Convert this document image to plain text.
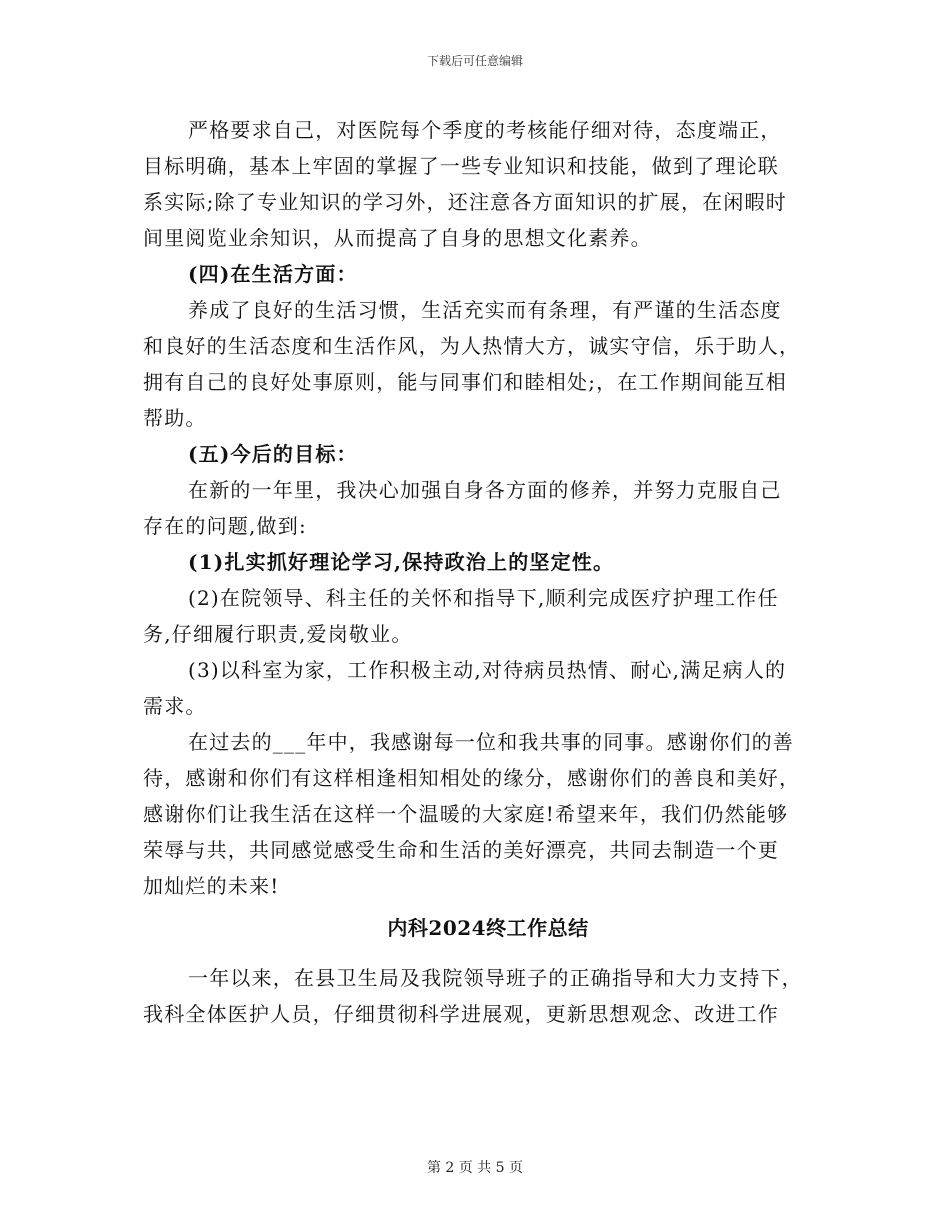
下载后可任意编辑
严格要求自己，对医院每个季度的考核能仔细对待，态度端正，
目标明确，基本上牢固的掌握了一些专业知识和技能，做到了理论联
系实际;除了专业知识的学习外，还注意各方面知识的扩展，在闲暇时
间里阅览业余知识，从而提高了自身的思想文化素养。
(四)在生活方面：
养成了良好的生活习惯，生活充实而有条理，有严谨的生活态度
和良好的生活态度和生活作风，为人热情大方，诚实守信，乐于助人，
拥有自己的良好处事原则，能与同事们和睦相处;，在工作期间能互相
帮助。
(五)今后的目标：
在新的一年里，我决心加强自身各方面的修养，并努力克服自己
存在的问题,做到:
(1)扎实抓好理论学习,保持政治上的坚定性。
(2)在院领导、科主任的关怀和指导下,顺利完成医疗护理工作任
务,仔细履行职责,爱岗敬业。
(3)以科室为家，工作积极主动,对待病员热情、耐心,满足病人的
需求。
在过去的___年中，我感谢每一位和我共事的同事。感谢你们的善
待，感谢和你们有这样相逢相知相处的缘分，感谢你们的善良和美好，
感谢你们让我生活在这样一个温暖的大家庭!希望来年，我们仍然能够
荣辱与共，共同感觉感受生命和生活的美好漂亮，共同去制造一个更
加灿烂的未来!
内科2024终工作总结
一年以来，在县卫生局及我院领导班子的正确指导和大力支持下，
我科全体医护人员，仔细贯彻科学进展观，更新思想观念、改进工作
第 2 页 共 5 页
